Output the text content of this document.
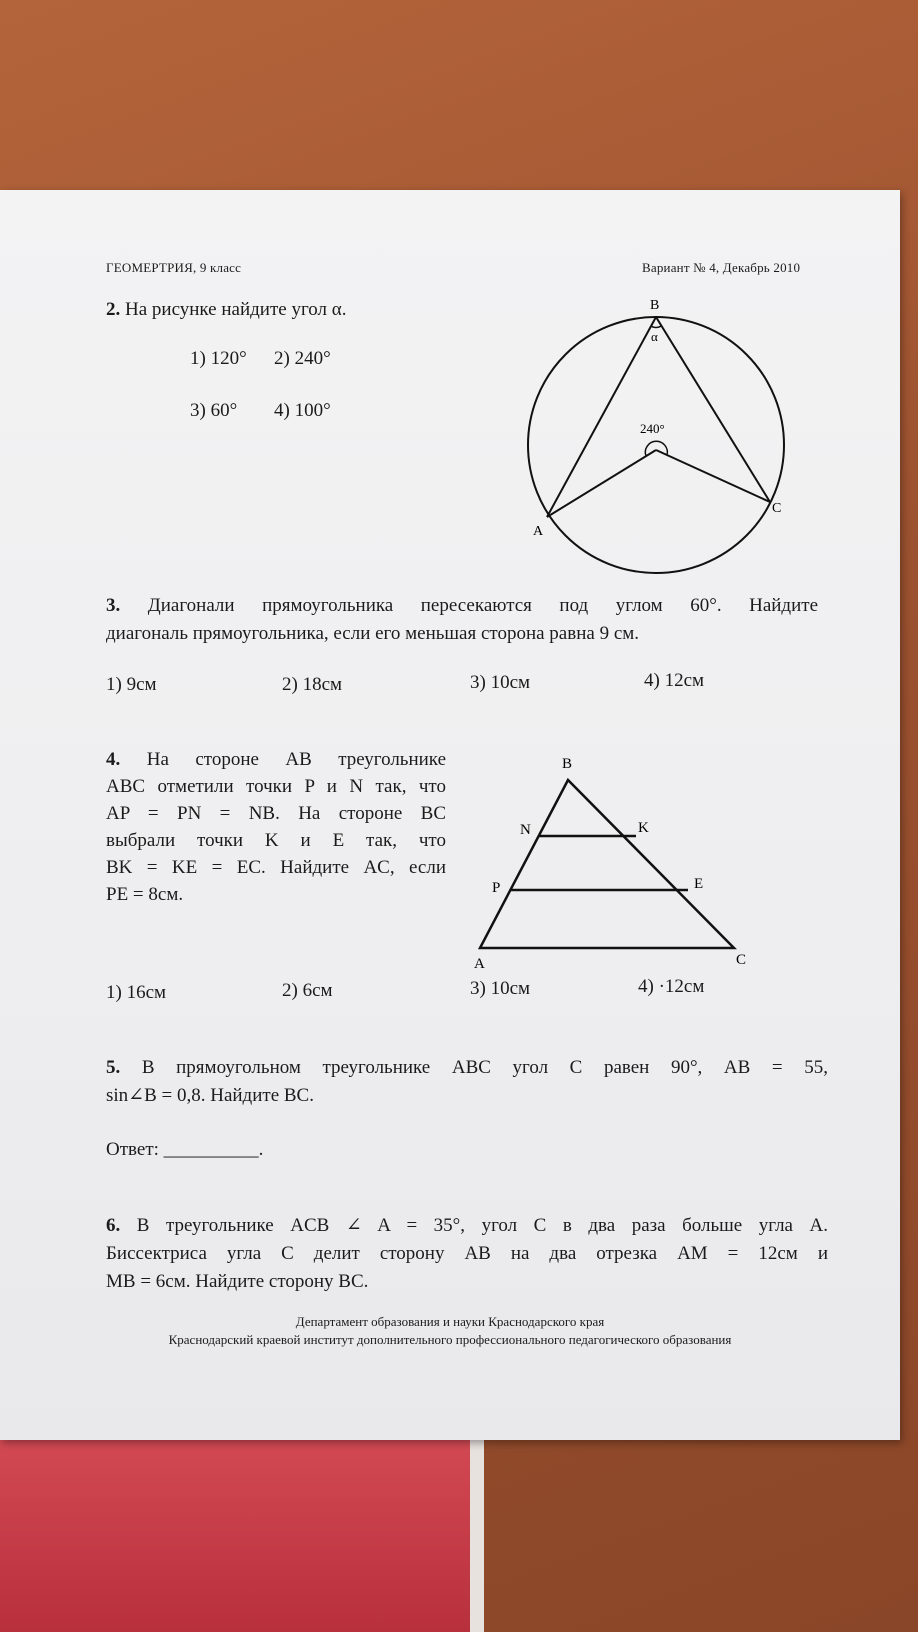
ГЕОМЕРТРИЯ, 9 класс	Вариант № 4, Декабрь 2010
2. На рисунке найдите угол α.
1) 120° 2) 240°
3) 60° 4) 100°
B
α
240°
A
C
3. Диагонали прямоугольника пересекаются под углом 60°. Найдите
диагональ прямоугольника, если его меньшая сторона равна 9 см.
1) 9см	2) 18см	3) 10см	4) 12см
4. На стороне AB треугольнике
ABC отметили точки P и N так, что
AP = PN = NB. На стороне BC
выбрали точки K и E так, что
BK = KE = EC. Найдите AC, если
PE = 8см.
B
N	K
P	E
A	C
1) 16см	2) 6см	3) 10см	4) ·12см
5. В прямоугольном треугольнике ABC угол C равен 90°, AB = 55,
sin∠B = 0,8. Найдите BC.
Ответ: __________.
6. В треугольнике ACB ∠ A = 35°, угол C в два раза больше угла A.
Биссектриса угла C делит сторону AB на два отрезка AM = 12см и
MB = 6см. Найдите сторону BC.
Департамент образования и науки Краснодарского края
Краснодарский краевой институт дополнительного профессионального педагогического образования
